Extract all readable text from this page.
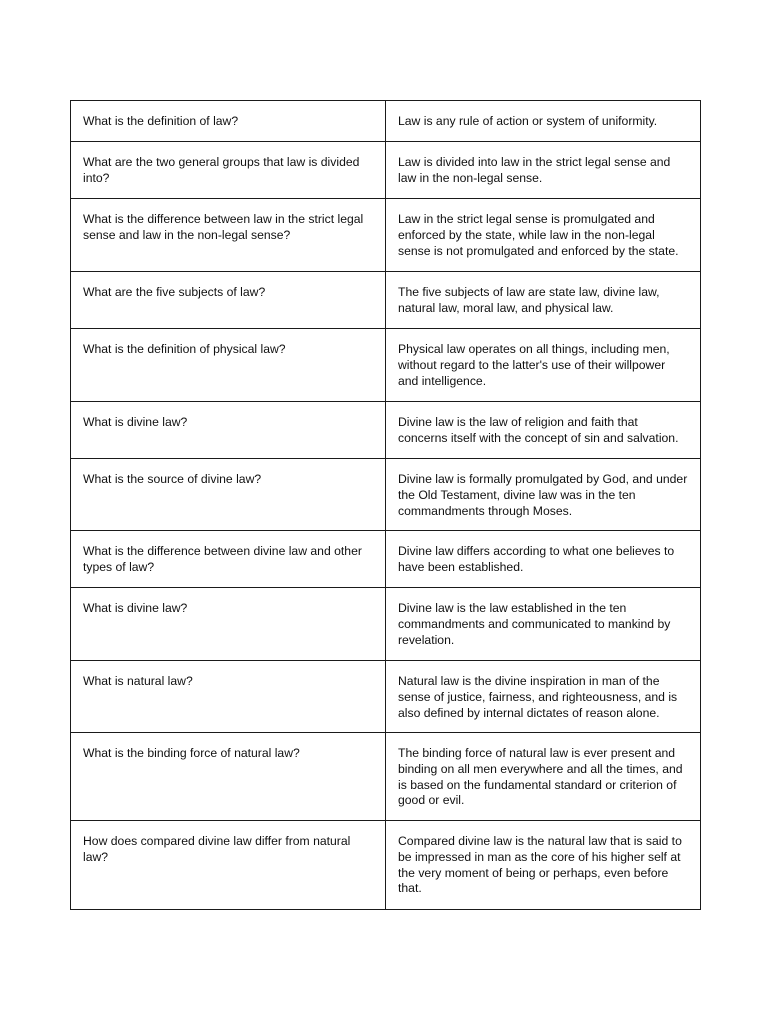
What is the definition of law?	Law is any rule of action or system of uniformity.

What are the two general groups that law is divided into?	Law is divided into law in the strict legal sense and law in the non-legal sense.

What is the difference between law in the strict legal sense and law in the non-legal sense?	Law in the strict legal sense is promulgated and enforced by the state, while law in the non-legal sense is not promulgated and enforced by the state.

What are the five subjects of law?	The five subjects of law are state law, divine law, natural law, moral law, and physical law.

What is the definition of physical law?	Physical law operates on all things, including men, without regard to the latter's use of their willpower and intelligence.

What is divine law?	Divine law is the law of religion and faith that concerns itself with the concept of sin and salvation.

What is the source of divine law?	Divine law is formally promulgated by God, and under the Old Testament, divine law was in the ten commandments through Moses.

What is the difference between divine law and other types of law?	Divine law differs according to what one believes to have been established.

What is divine law?	Divine law is the law established in the ten commandments and communicated to mankind by revelation.

What is natural law?	Natural law is the divine inspiration in man of the sense of justice, fairness, and righteousness, and is also defined by internal dictates of reason alone.

What is the binding force of natural law?	The binding force of natural law is ever present and binding on all men everywhere and all the times, and is based on the fundamental standard or criterion of good or evil.

How does compared divine law differ from natural law?	Compared divine law is the natural law that is said to be impressed in man as the core of his higher self at the very moment of being or perhaps, even before that.
